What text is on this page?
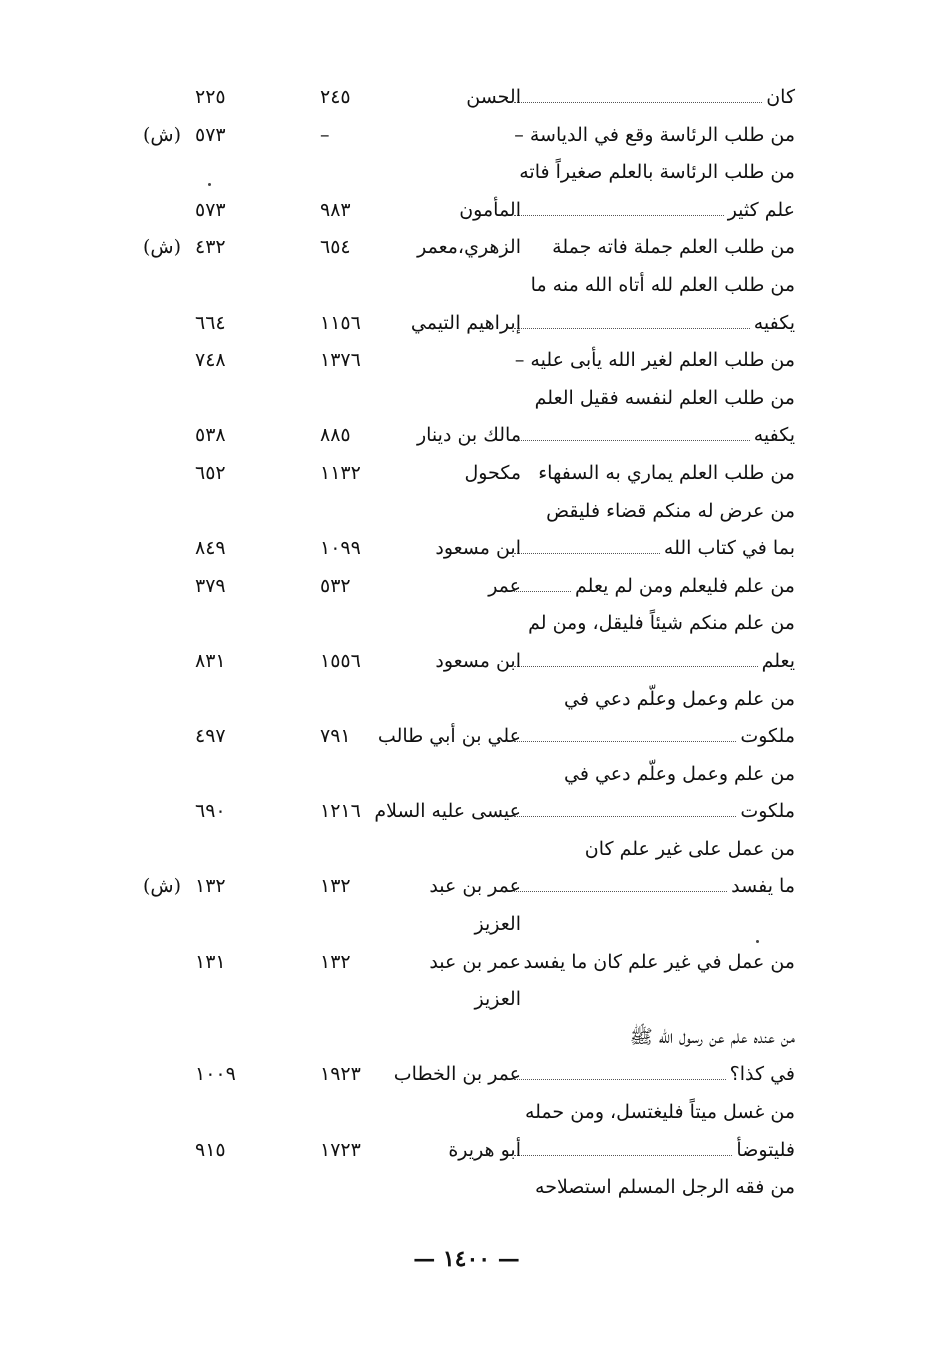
كان
الحسن
٢٤٥
٢٢٥
من طلب الرئاسة وقع في الدياسة –
–
٥٧٣
(ش)
من طلب الرئاسة بالعلم صغيراً فاته
علم كثير
المأمون
٩٨٣
٥٧٣
من طلب العلم جملة فاته جملة
الزهري،معمر
٦٥٤
٤٣٢
(ش)
من طلب العلم لله أتاه الله منه ما
يكفيه
إبراهيم التيمي
١١٥٦
٦٦٤
من طلب العلم لغير الله يأبى عليه –
١٣٧٦
٧٤٨
من طلب العلم لنفسه فقيل العلم
يكفيه
مالك بن دينار
٨٨٥
٥٣٨
من طلب العلم يماري به السفهاء
مكحول
١١٣٢
٦٥٢
من عرض له منكم قضاء فليقض
بما في كتاب الله
ابن مسعود
١٠٩٩
٨٤٩
من علم فليعلم ومن لم يعلم
عمر
٥٣٢
٣٧٩
من علم منكم شيئاً فليقل، ومن لم
يعلم
ابن مسعود
١٥٥٦
٨٣١
من علم وعمل وعلّم دعي في
ملكوت
علي بن أبي طالب
٧٩١
٤٩٧
من علم وعمل وعلّم دعي في
ملكوت
عيسى عليه السلام
١٢١٦
٦٩٠
من عمل على غير علم كان
ما يفسد
عمر بن عبد
١٣٢
١٣٢
(ش)
العزيز
من عمل في غير علم كان ما يفسد
عمر بن عبد
١٣٢
١٣١
العزيز
من عنده علم عن رسول الله ﷺ
في كذا؟
عمر بن الخطاب
١٩٢٣
١٠٠٩
من غسل ميتاً فليغتسل، ومن حمله
فليتوضأ
أبو هريرة
١٧٢٣
٩١٥
من فقه الرجل المسلم استصلاحه
— ١٤٠٠ —
